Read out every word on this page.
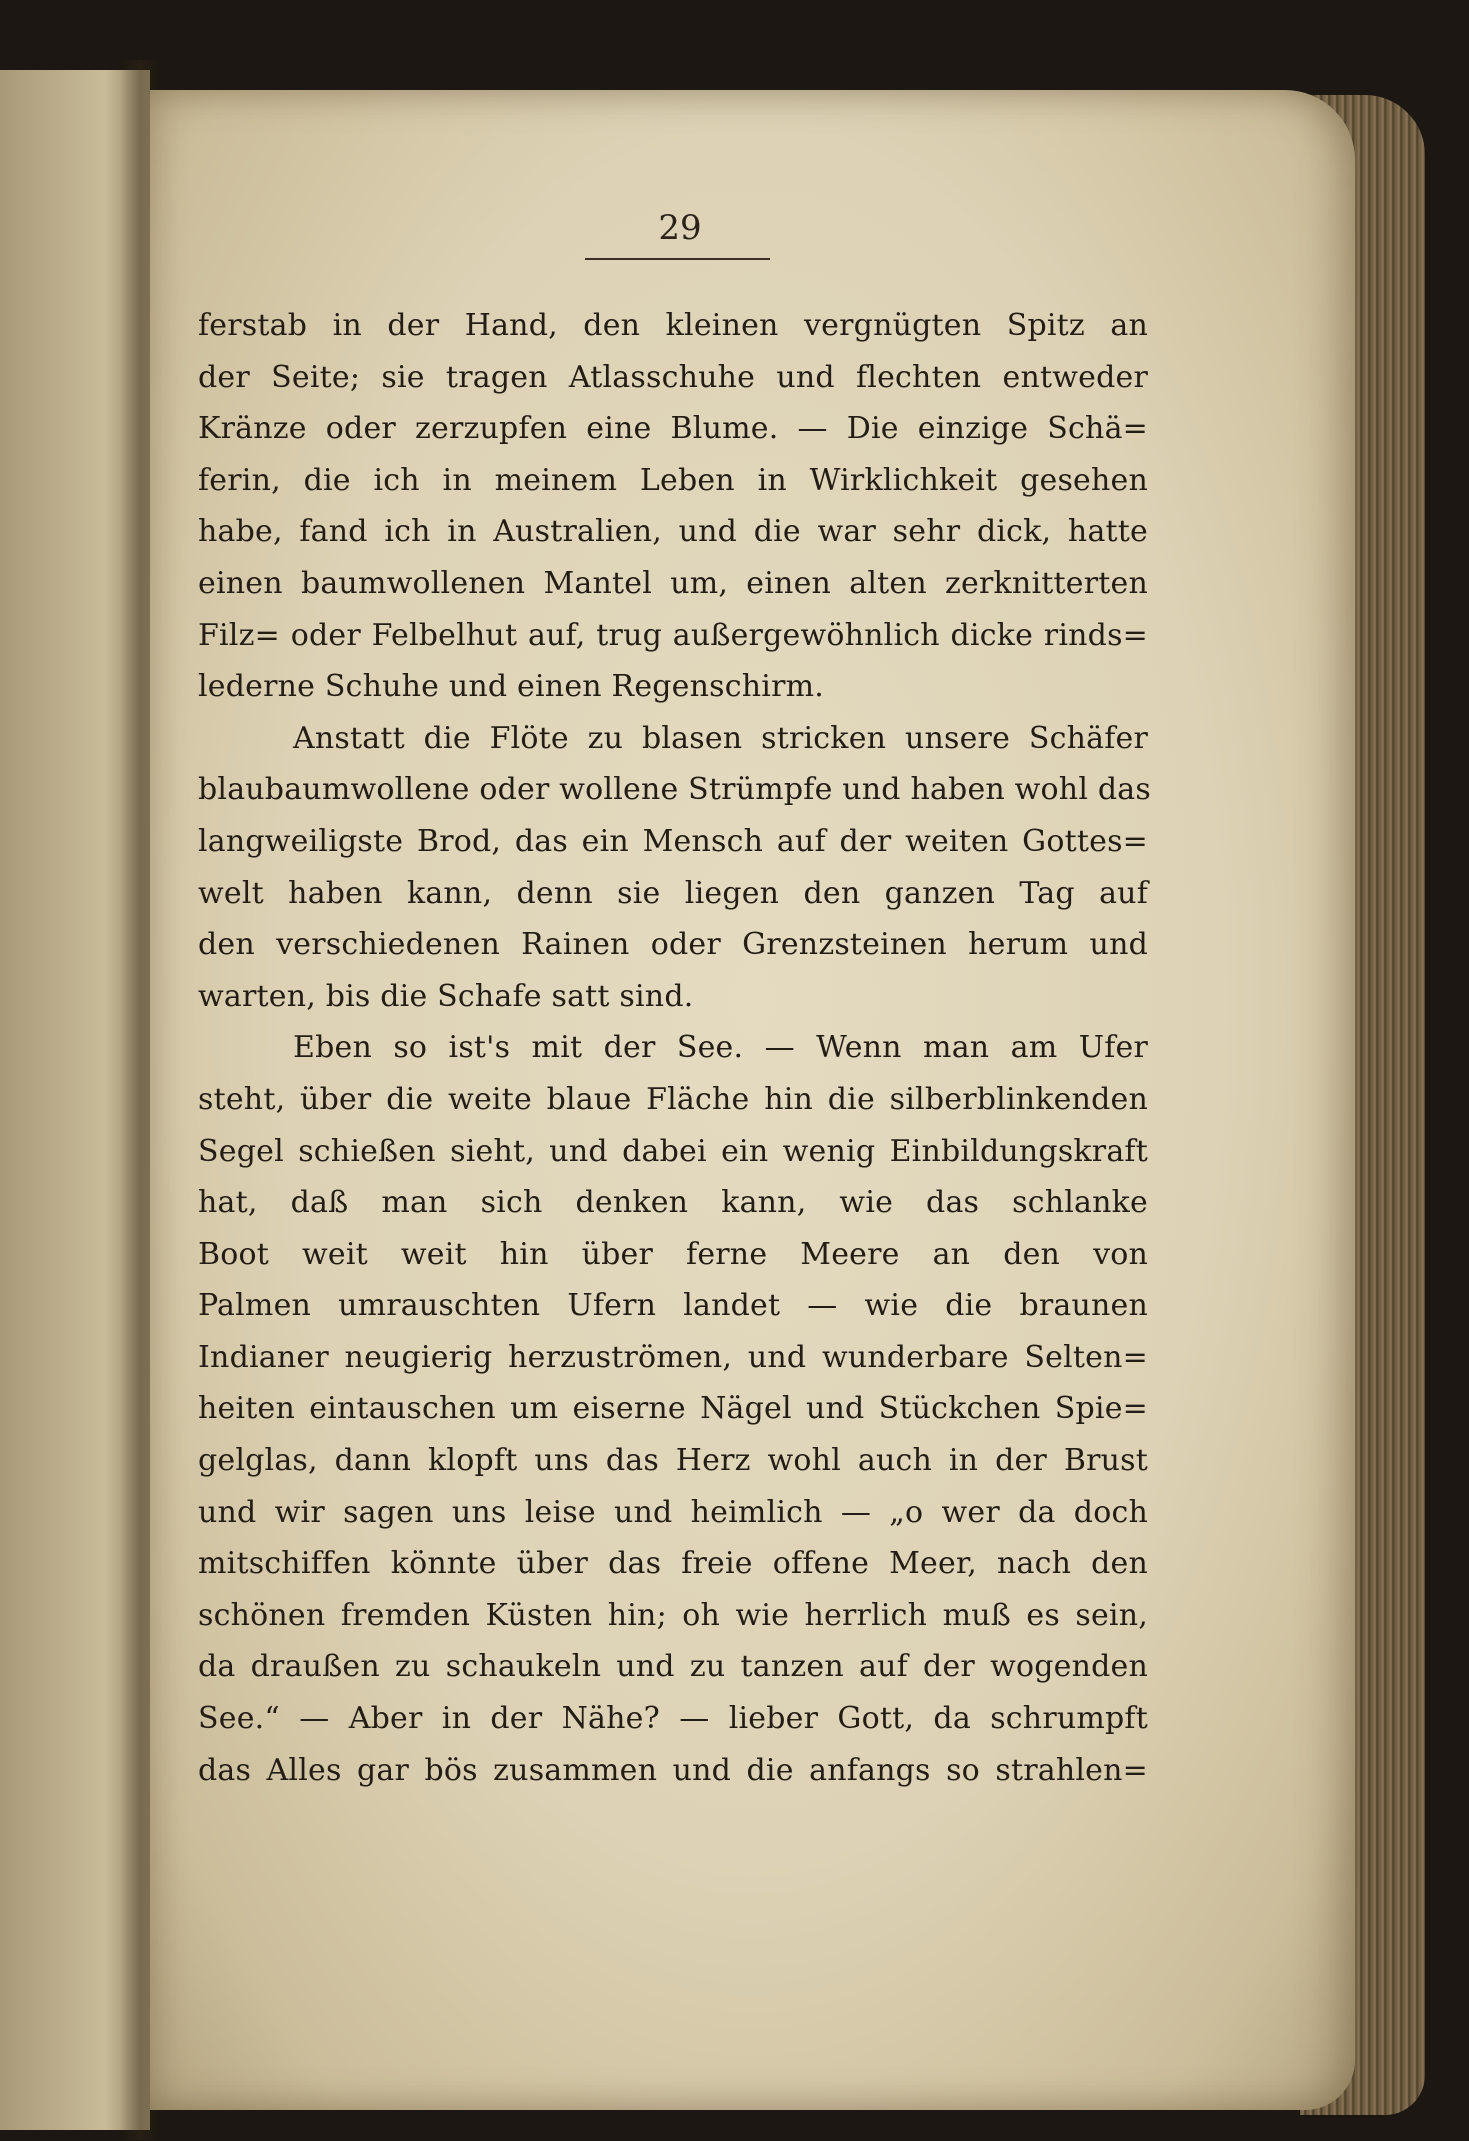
29
ferstab in der Hand, den kleinen vergnügten Spitz an
der Seite; sie tragen Atlasschuhe und flechten entweder
Kränze oder zerzupfen eine Blume. — Die einzige Schä=
ferin, die ich in meinem Leben in Wirklichkeit gesehen
habe, fand ich in Australien, und die war sehr dick, hatte
einen baumwollenen Mantel um, einen alten zerknitterten
Filz= oder Felbelhut auf, trug außergewöhnlich dicke rinds=
lederne Schuhe und einen Regenschirm.
Anstatt die Flöte zu blasen stricken unsere Schäfer
blaubaumwollene oder wollene Strümpfe und haben wohl das
langweiligste Brod, das ein Mensch auf der weiten Gottes=
welt haben kann, denn sie liegen den ganzen Tag auf
den verschiedenen Rainen oder Grenzsteinen herum und
warten, bis die Schafe satt sind.
Eben so ist's mit der See. — Wenn man am Ufer
steht, über die weite blaue Fläche hin die silberblinkenden
Segel schießen sieht, und dabei ein wenig Einbildungskraft
hat, daß man sich denken kann, wie das schlanke
Boot weit weit hin über ferne Meere an den von
Palmen umrauschten Ufern landet — wie die braunen
Indianer neugierig herzuströmen, und wunderbare Selten=
heiten eintauschen um eiserne Nägel und Stückchen Spie=
gelglas, dann klopft uns das Herz wohl auch in der Brust
und wir sagen uns leise und heimlich — „o wer da doch
mitschiffen könnte über das freie offene Meer, nach den
schönen fremden Küsten hin; oh wie herrlich muß es sein,
da draußen zu schaukeln und zu tanzen auf der wogenden
See.“ — Aber in der Nähe? — lieber Gott, da schrumpft
das Alles gar bös zusammen und die anfangs so strahlen=
